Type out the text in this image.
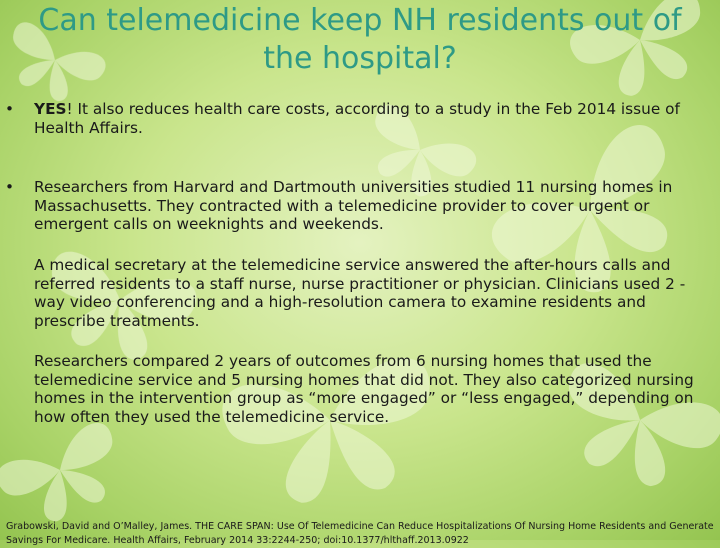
Can telemedicine keep NH residents out of the hospital?
•	YES! It also reduces health care costs, according to a study in the Feb 2014 issue of Health Affairs.

•	Researchers from Harvard and Dartmouth universities studied 11 nursing homes in Massachusetts. They contracted with a telemedicine provider to cover urgent or emergent calls on weeknights and weekends.

A medical secretary at the telemedicine service answered the after-hours calls and referred residents to a staff nurse, nurse practitioner or physician. Clinicians used 2 -way video conferencing and a high-resolution camera to examine residents and prescribe treatments.

Researchers compared 2 years of outcomes from 6 nursing homes that used the telemedicine service and 5 nursing homes that did not. They also categorized nursing homes in the intervention group as “more engaged” or “less engaged,” depending on how often they used the telemedicine service.

Grabowski, David and O’Malley, James. THE CARE SPAN: Use Of Telemedicine Can Reduce Hospitalizations Of Nursing Home Residents and Generate
Savings For Medicare. Health Affairs, February 2014 33:2244-250; doi:10.1377/hlthaff.2013.0922
